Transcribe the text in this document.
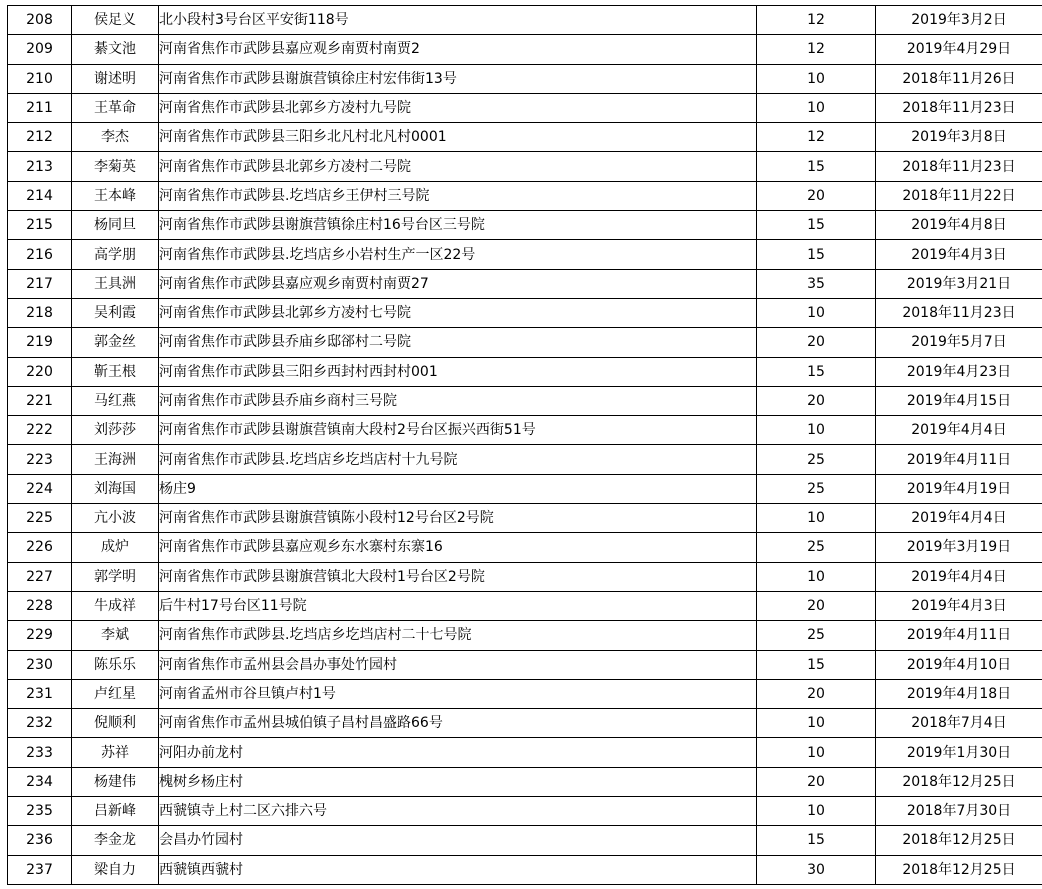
208	侯足义	北小段村3号台区平安街118号	12	2019年3月2日
209	綦文池	河南省焦作市武陟县嘉应观乡南贾村南贾2	12	2019年4月29日
210	谢述明	河南省焦作市武陟县谢旗营镇徐庄村宏伟街13号	10	2018年11月26日
211	王革命	河南省焦作市武陟县北郭乡方凌村九号院	10	2018年11月23日
212	李杰	河南省焦作市武陟县三阳乡北凡村北凡村0001	12	2019年3月8日
213	李菊英	河南省焦作市武陟县北郭乡方凌村二号院	15	2018年11月23日
214	王本峰	河南省焦作市武陟县.圪垱店乡王伊村三号院	20	2018年11月22日
215	杨同旦	河南省焦作市武陟县谢旗营镇徐庄村16号台区三号院	15	2019年4月8日
216	高学朋	河南省焦作市武陟县.圪垱店乡小岩村生产一区22号	15	2019年4月3日
217	王具洲	河南省焦作市武陟县嘉应观乡南贾村南贾27	35	2019年3月21日
218	吴利霞	河南省焦作市武陟县北郭乡方凌村七号院	10	2018年11月23日
219	郭金丝	河南省焦作市武陟县乔庙乡邸郤村二号院	20	2019年5月7日
220	靳王根	河南省焦作市武陟县三阳乡西封村西封村001	15	2019年4月23日
221	马红燕	河南省焦作市武陟县乔庙乡商村三号院	20	2019年4月15日
222	刘莎莎	河南省焦作市武陟县谢旗营镇南大段村2号台区振兴西街51号	10	2019年4月4日
223	王海洲	河南省焦作市武陟县.圪垱店乡圪垱店村十九号院	25	2019年4月11日
224	刘海国	杨庄9	25	2019年4月19日
225	亢小波	河南省焦作市武陟县谢旗营镇陈小段村12号台区2号院	10	2019年4月4日
226	成炉	河南省焦作市武陟县嘉应观乡东水寨村东寨16	25	2019年3月19日
227	郭学明	河南省焦作市武陟县谢旗营镇北大段村1号台区2号院	10	2019年4月4日
228	牛成祥	后牛村17号台区11号院	20	2019年4月3日
229	李斌	河南省焦作市武陟县.圪垱店乡圪垱店村二十七号院	25	2019年4月11日
230	陈乐乐	河南省焦作市孟州县会昌办事处竹园村	15	2019年4月10日
231	卢红星	河南省孟州市谷旦镇卢村1号	20	2019年4月18日
232	倪顺利	河南省焦作市孟州县城伯镇子昌村昌盛路66号	10	2018年7月4日
233	苏祥	河阳办前龙村	10	2019年1月30日
234	杨建伟	槐树乡杨庄村	20	2018年12月25日
235	吕新峰	西虢镇寺上村二区六排六号	10	2018年7月30日
236	李金龙	会昌办竹园村	15	2018年12月25日
237	梁自力	西虢镇西虢村	30	2018年12月25日
